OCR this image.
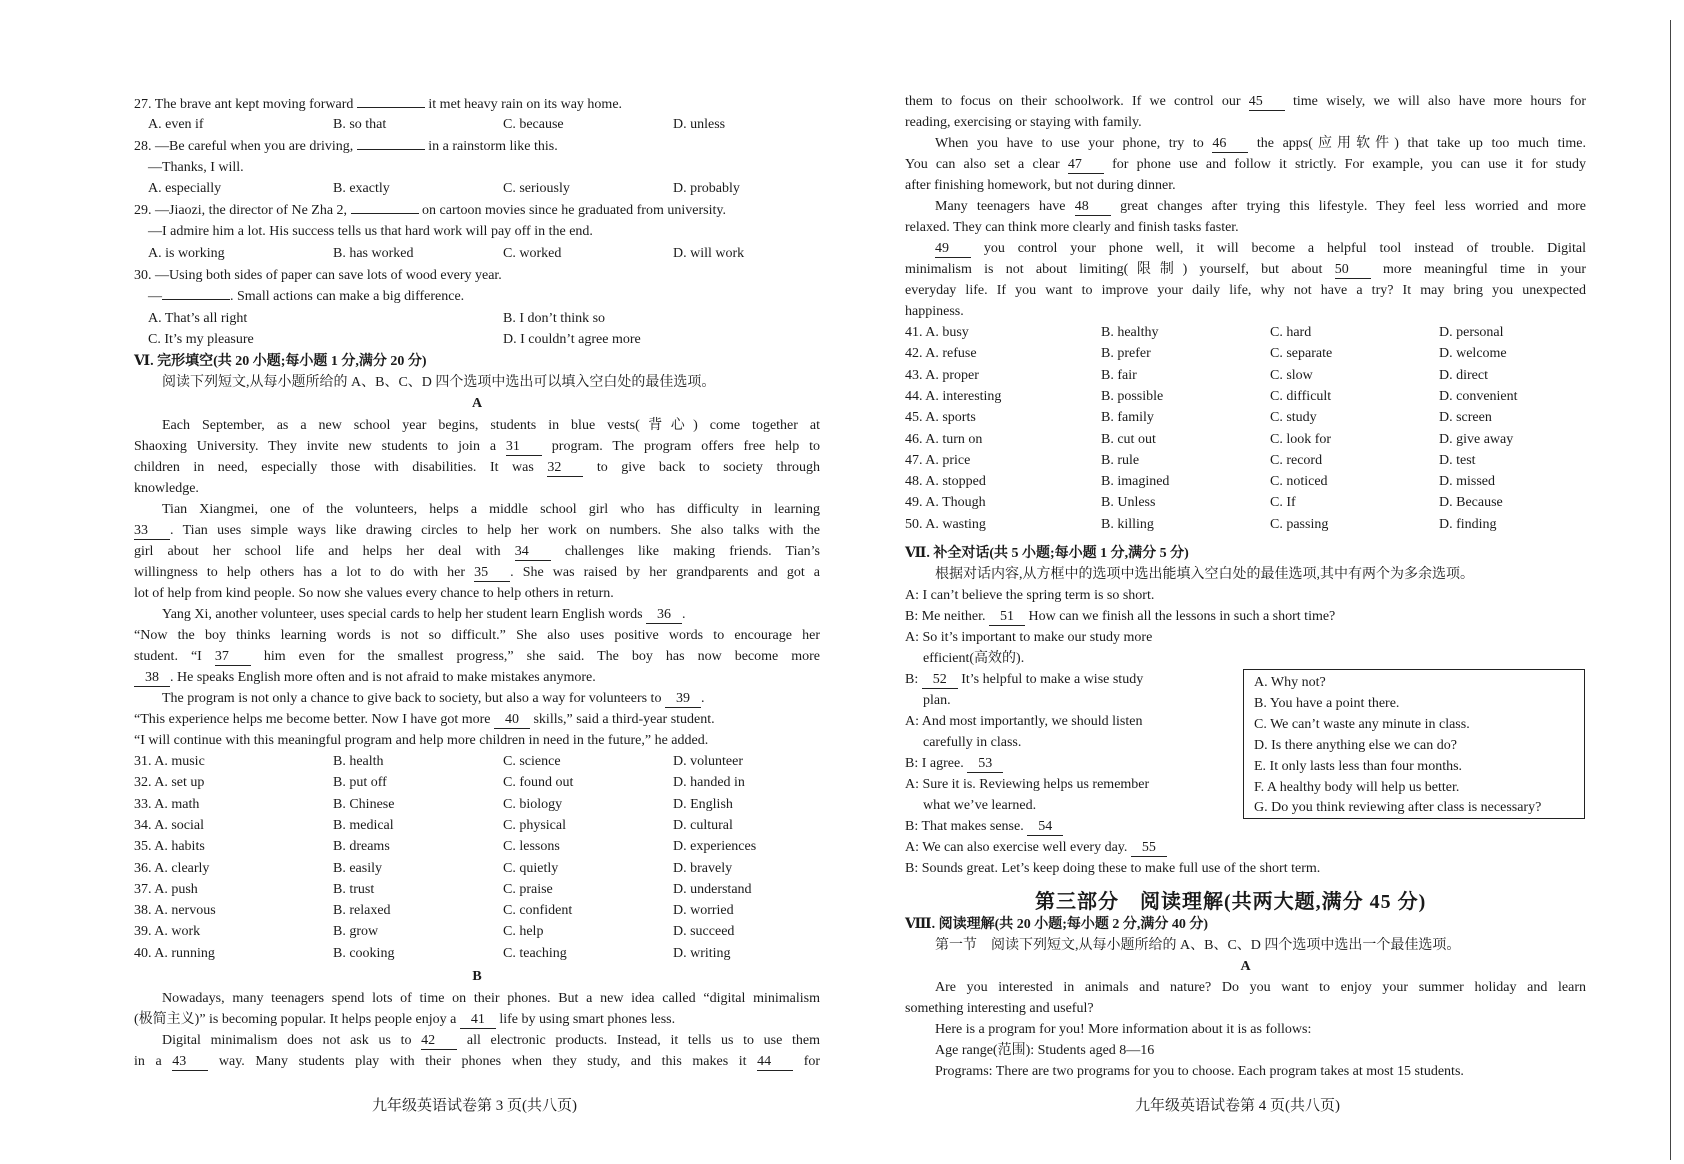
27. The brave ant kept moving forward	it met heavy rain on its way home.
A. even if	B. so that	C. because	D. unless
28. —Be careful when you are driving,	in a rainstorm like this.
—Thanks, I will.
A. especially	B. exactly	C. seriously	D. probably
29. —Jiaozi, the director of Ne Zha 2,	on cartoon movies since he graduated from university.
—I admire him a lot. His success tells us that hard work will pay off in the end.
A. is working	B. has worked	C. worked	D. will work
30. —Using both sides of paper can save lots of wood every year.
—	. Small actions can make a big difference.
A. That’s all right	B. I don’t think so
C. It’s my pleasure	D. I couldn’t agree more
Ⅵ. 完形填空(共 20 小题;每小题 1 分,满分 20 分)
阅读下列短文,从每小题所给的 A、B、C、D 四个选项中选出可以填入空白处的最佳选项。
A
Each September, as a new school year begins, students in blue vests(背心) come together at
Shaoxing University. They invite new students to join a 31 program. The program offers free help to
children in need, especially those with disabilities. It was 32	to give back to society through
knowledge.
Tian Xiangmei, one of the volunteers, helps a middle school girl who has difficulty in learning
33 . Tian uses simple ways like drawing circles to help her work on numbers. She also talks with the
girl about her school life and helps her deal with 34	challenges like making friends. Tian’s
willingness to help others has a lot to do with her 35 . She was raised by her grandparents and got a
lot of help from kind people. So now she values every chance to help others in return.
Yang Xi, another volunteer, uses special cards to help her student learn English words 36 .
“Now the boy thinks learning words is not so difficult.” She also uses positive words to encourage her
student. “I 37	him even for the smallest progress,” she said. The boy has now become more
38 . He speaks English more often and is not afraid to make mistakes anymore.
The program is not only a chance to give back to society, but also a way for volunteers to 39 .
“This experience helps me become better. Now I have got more 40 skills,” said a third-year student.
“I will continue with this meaningful program and help more children in need in the future,” he added.
31. A. music	B. health	C. science	D. volunteer
32. A. set up	B. put off	C. found out	D. handed in
33. A. math	B. Chinese	C. biology	D. English
34. A. social	B. medical	C. physical	D. cultural
35. A. habits	B. dreams	C. lessons	D. experiences
36. A. clearly	B. easily	C. quietly	D. bravely
37. A. push	B. trust	C. praise	D. understand
38. A. nervous	B. relaxed	C. confident	D. worried
39. A. work	B. grow	C. help	D. succeed
40. A. running	B. cooking	C. teaching	D. writing
B
Nowadays, many teenagers spend lots of time on their phones. But a new idea called “digital minimalism
(极简主义)” is becoming popular. It helps people enjoy a 41 life by using smart phones less.
Digital minimalism does not ask us to 42 all electronic products. Instead, it tells us to use them
in a 43 way. Many students play with their phones when they study, and this makes it 44 for
九年级英语试卷第 3 页(共八页)
them to focus on their schoolwork. If we control our 45 time wisely, we will also have more hours for
reading, exercising or staying with family.
When you have to use your phone, try to 46 the apps(应用软件) that take up too much time.
You can also set a clear 47 for phone use and follow it strictly. For example, you can use it for study
after finishing homework, but not during dinner.
Many teenagers have 48 great changes after trying this lifestyle. They feel less worried and more
relaxed. They can think more clearly and finish tasks faster.
49 you control your phone well, it will become a helpful tool instead of trouble. Digital
minimalism is not about limiting(限制) yourself, but about 50 more meaningful time in your
everyday life. If you want to improve your daily life, why not have a try? It may bring you unexpected
happiness.
41. A. busy	B. healthy	C. hard	D. personal
42. A. refuse	B. prefer	C. separate	D. welcome
43. A. proper	B. fair	C. slow	D. direct
44. A. interesting	B. possible	C. difficult	D. convenient
45. A. sports	B. family	C. study	D. screen
46. A. turn on	B. cut out	C. look for	D. give away
47. A. price	B. rule	C. record	D. test
48. A. stopped	B. imagined	C. noticed	D. missed
49. A. Though	B. Unless	C. If	D. Because
50. A. wasting	B. killing	C. passing	D. finding
Ⅶ. 补全对话(共 5 小题;每小题 1 分,满分 5 分)
根据对话内容,从方框中的选项中选出能填入空白处的最佳选项,其中有两个为多余选项。
A: I can’t believe the spring term is so short.
B: Me neither. 51 How can we finish all the lessons in such a short time?
A: So it’s important to make our study more
efficient(高效的).
B: 52 It’s helpful to make a wise study
plan.
A: And most importantly, we should listen
carefully in class.
B: I agree. 53
A: Sure it is. Reviewing helps us remember
what we’ve learned.
B: That makes sense. 54
A: We can also exercise well every day. 55
B: Sounds great. Let’s keep doing these to make full use of the short term.
Ⅷ. 阅读理解(共 20 小题;每小题 2 分,满分 40 分)
第一节　阅读下列短文,从每小题所给的 A、B、C、D 四个选项中选出一个最佳选项。
A
Are you interested in animals and nature? Do you want to enjoy your summer holiday and learn
something interesting and useful?
Here is a program for you! More information about it is as follows:
Age range(范围): Students aged 8—16
Programs: There are two programs for you to choose. Each program takes at most 15 students.
A. Why not?
B. You have a point there.
C. We can’t waste any minute in class.
D. Is there anything else we can do?
E. It only lasts less than four months.
F. A healthy body will help us better.
G. Do you think reviewing after class is necessary?
第三部分　阅读理解(共两大题,满分 45 分)
九年级英语试卷第 4 页(共八页)
